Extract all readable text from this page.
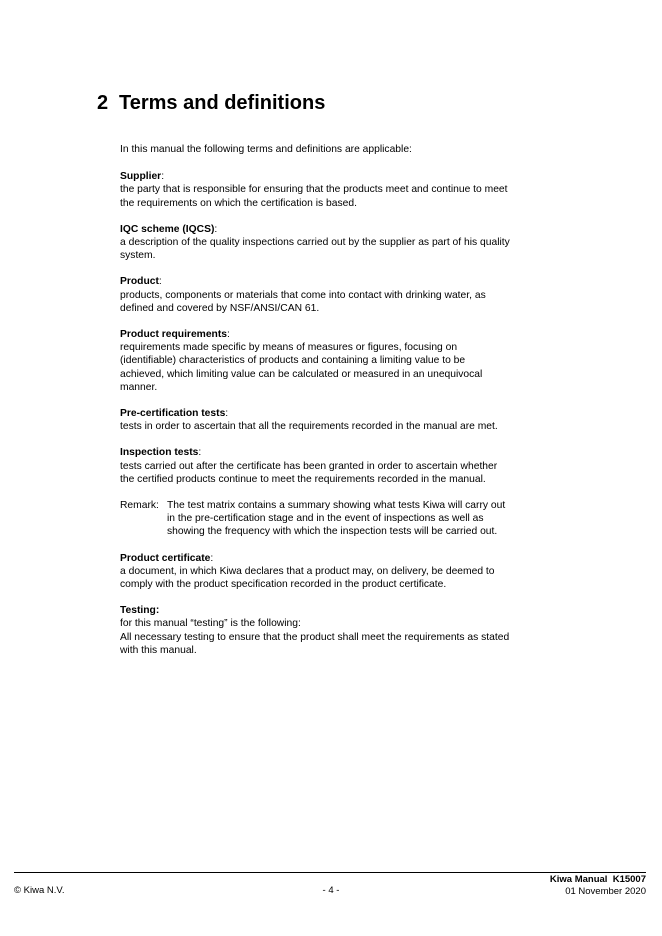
2 Terms and definitions

In this manual the following terms and definitions are applicable:

Supplier:

the party that is responsible for ensuring that the products meet and continue to meet

the requirements on which the certification is based.

IQC scheme (IQCS):

a description of the quality inspections carried out by the supplier as part of his quality

system.

Product:

products, components or materials that come into contact with drinking water, as

defined and covered by NSF/ANSI/CAN 61.

Product requirements:

requirements made specific by means of measures or figures, focusing on

(identifiable) characteristics of products and containing a limiting value to be

achieved, which limiting value can be calculated or measured in an unequivocal

manner.

Pre-certification tests:

tests in order to ascertain that all the requirements recorded in the manual are met.

Inspection tests:

tests carried out after the certificate has been granted in order to ascertain whether

the certified products continue to meet the requirements recorded in the manual.

Remark: The test matrix contains a summary showing what tests Kiwa will carry out
in the pre-certification stage and in the event of inspections as well as
showing the frequency with which the inspection tests will be carried out.

Product certificate:

a document, in which Kiwa declares that a product may, on delivery, be deemed to

comply with the product specification recorded in the product certificate.

Testing:

for this manual “testing” is the following:

All necessary testing to ensure that the product shall meet the requirements as stated

with this manual.

© Kiwa N.V.	- 4 -
Kiwa Manual  K15007
01 November 2020
